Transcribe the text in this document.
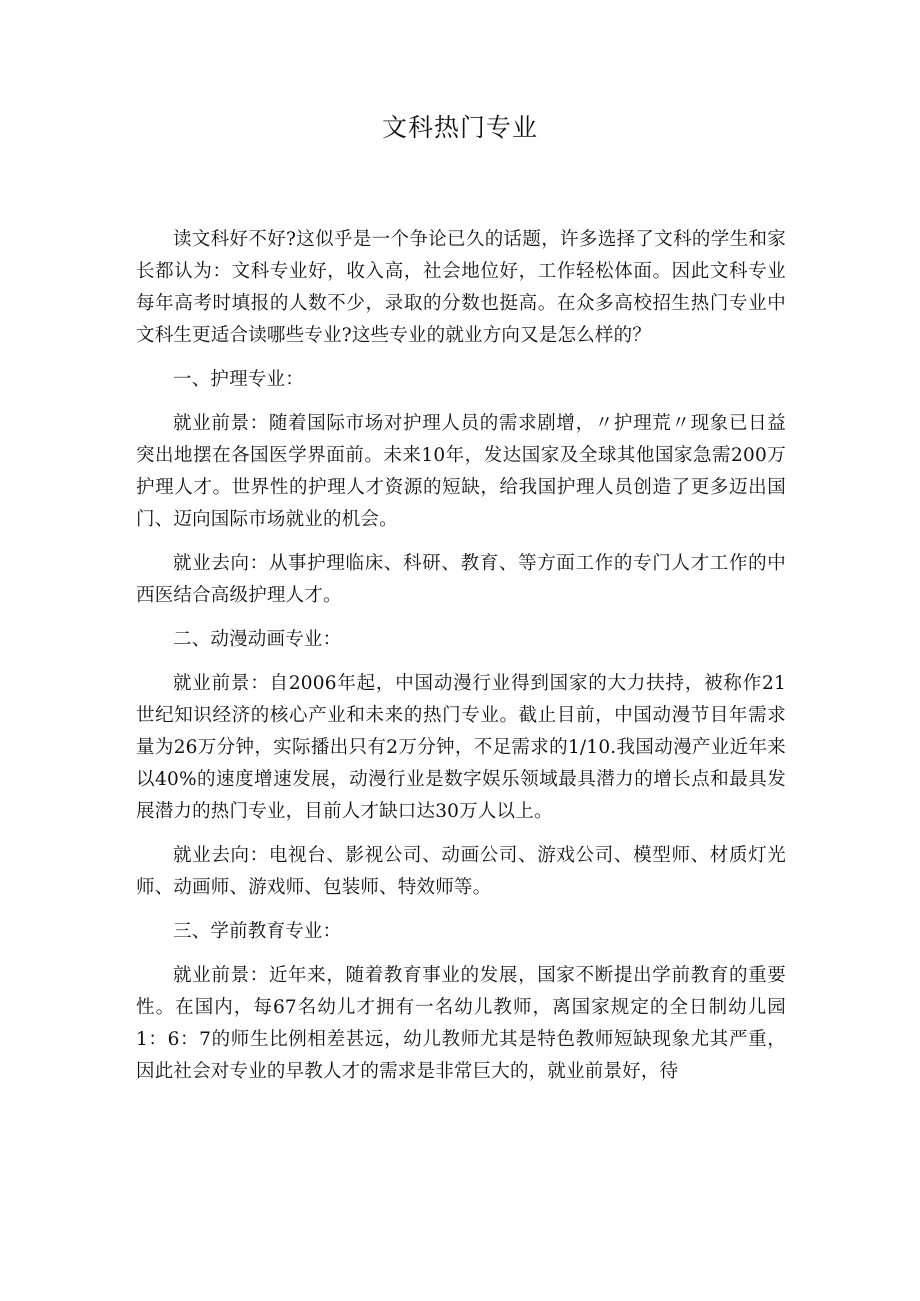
文科热门专业

读文科好不好?这似乎是一个争论已久的话题，许多选择了文科的学生和家长都认为：文科专业好，收入高，社会地位好，工作轻松体面。因此文科专业每年高考时填报的人数不少，录取的分数也挺高。在众多高校招生热门专业中文科生更适合读哪些专业?这些专业的就业方向又是怎么样的？

一、护理专业：

就业前景：随着国际市场对护理人员的需求剧增，〃护理荒〃现象已日益突出地摆在各国医学界面前。未来10年，发达国家及全球其他国家急需200万护理人才。世界性的护理人才资源的短缺，给我国护理人员创造了更多迈出国门、迈向国际市场就业的机会。

就业去向：从事护理临床、科研、教育、等方面工作的专门人才工作的中西医结合高级护理人才。

二、动漫动画专业：

就业前景：自2006年起，中国动漫行业得到国家的大力扶持，被称作21世纪知识经济的核心产业和未来的热门专业。截止目前，中国动漫节目年需求量为26万分钟，实际播出只有2万分钟，不足需求的1/10.我国动漫产业近年来以40%的速度增速发展，动漫行业是数字娱乐领域最具潜力的增长点和最具发展潜力的热门专业，目前人才缺口达30万人以上。

就业去向：电视台、影视公司、动画公司、游戏公司、模型师、材质灯光师、动画师、游戏师、包装师、特效师等。

三、学前教育专业：

就业前景：近年来，随着教育事业的发展，国家不断提出学前教育的重要性。在国内，每67名幼儿才拥有一名幼儿教师，离国家规定的全日制幼儿园1：6：7的师生比例相差甚远，幼儿教师尤其是特色教师短缺现象尤其严重，因此社会对专业的早教人才的需求是非常巨大的，就业前景好，待
